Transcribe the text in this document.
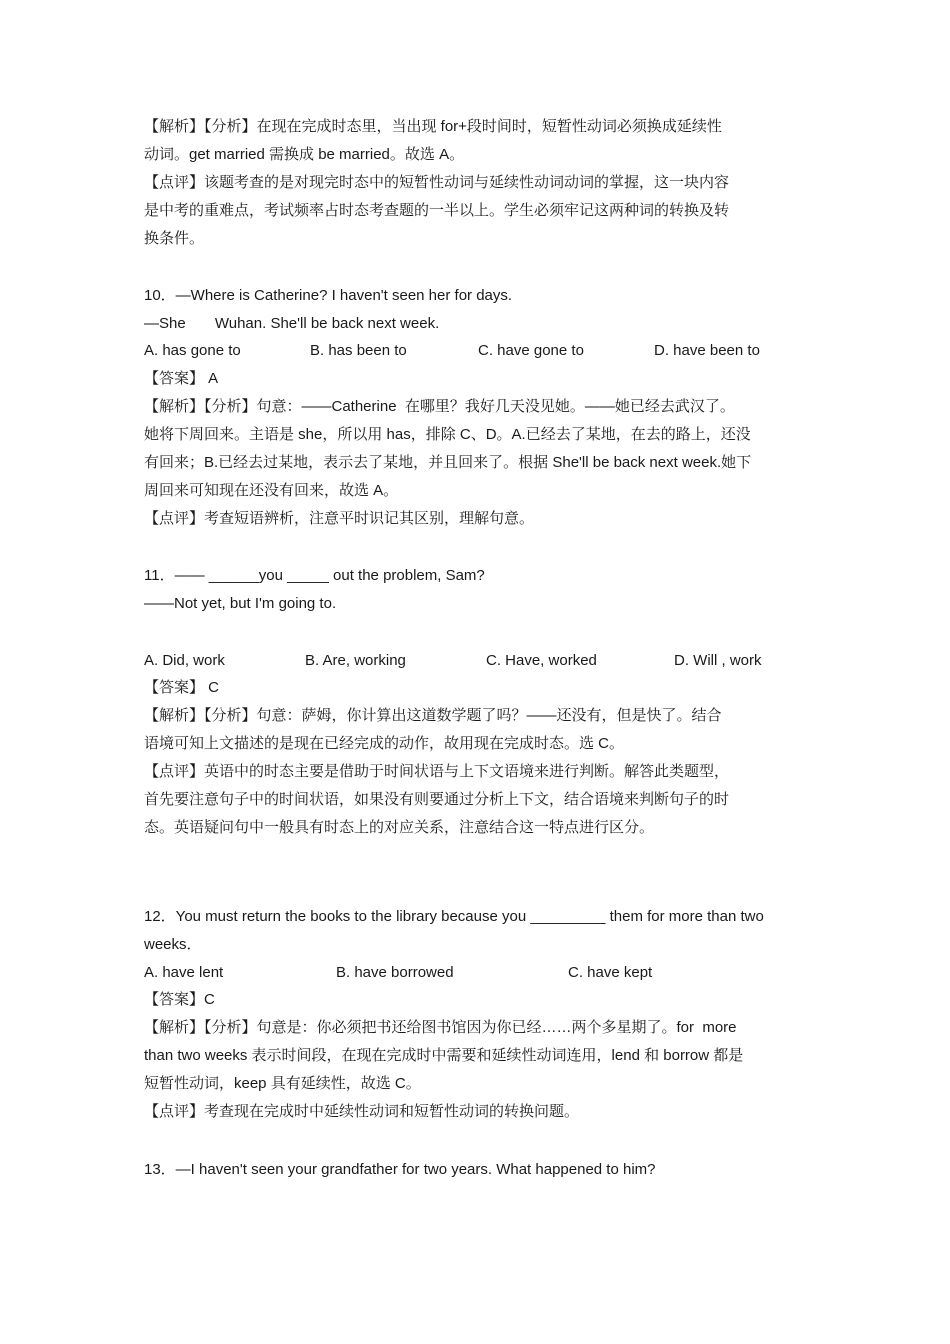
【解析】【分析】在现在完成时态里，当出现 for+段时间时，短暂性动词必须换成延续性
动词。get married 需换成 be married。故选 A。
【点评】该题考查的是对现完时态中的短暂性动词与延续性动词动词的掌握，这一块内容
是中考的重难点，考试频率占时态考查题的一半以上。学生必须牢记这两种词的转换及转
换条件。
10．—Where is Catherine? I haven't seen her for days.
—She       Wuhan. She'll be back next week.
A. has gone to	B. has been to	C. have gone to	D. have been to
【答案】 A
【解析】【分析】句意：——Catherine  在哪里？我好几天没见她。——她已经去武汉了。
她将下周回来。主语是 she，所以用 has，排除 C、D。A.已经去了某地，在去的路上，还没
有回来；B.已经去过某地，表示去了某地，并且回来了。根据 She'll be back next week.她下
周回来可知现在还没有回来，故选 A。
【点评】考查短语辨析，注意平时识记其区别，理解句意。
11．—— ______you _____ out the problem, Sam?
——Not yet, but I'm going to.
A. Did, work	B. Are, working	C. Have, worked	D. Will , work
【答案】 C
【解析】【分析】句意：萨姆，你计算出这道数学题了吗？——还没有，但是快了。结合
语境可知上文描述的是现在已经完成的动作，故用现在完成时态。选 C。
【点评】英语中的时态主要是借助于时间状语与上下文语境来进行判断。解答此类题型，
首先要注意句子中的时间状语，如果没有则要通过分析上下文，结合语境来判断句子的时
态。英语疑问句中一般具有时态上的对应关系，注意结合这一特点进行区分。
12．You must return the books to the library because you _________ them for more than two
weeks．
A. have lent	B. have borrowed	C. have kept
【答案】C
【解析】【分析】句意是：你必须把书还给图书馆因为你已经……两个多星期了。for  more
than two weeks 表示时间段，在现在完成时中需要和延续性动词连用，lend 和 borrow 都是
短暂性动词，keep 具有延续性，故选 C。
【点评】考查现在完成时中延续性动词和短暂性动词的转换问题。
13．—I haven't seen your grandfather for two years. What happened to him?
